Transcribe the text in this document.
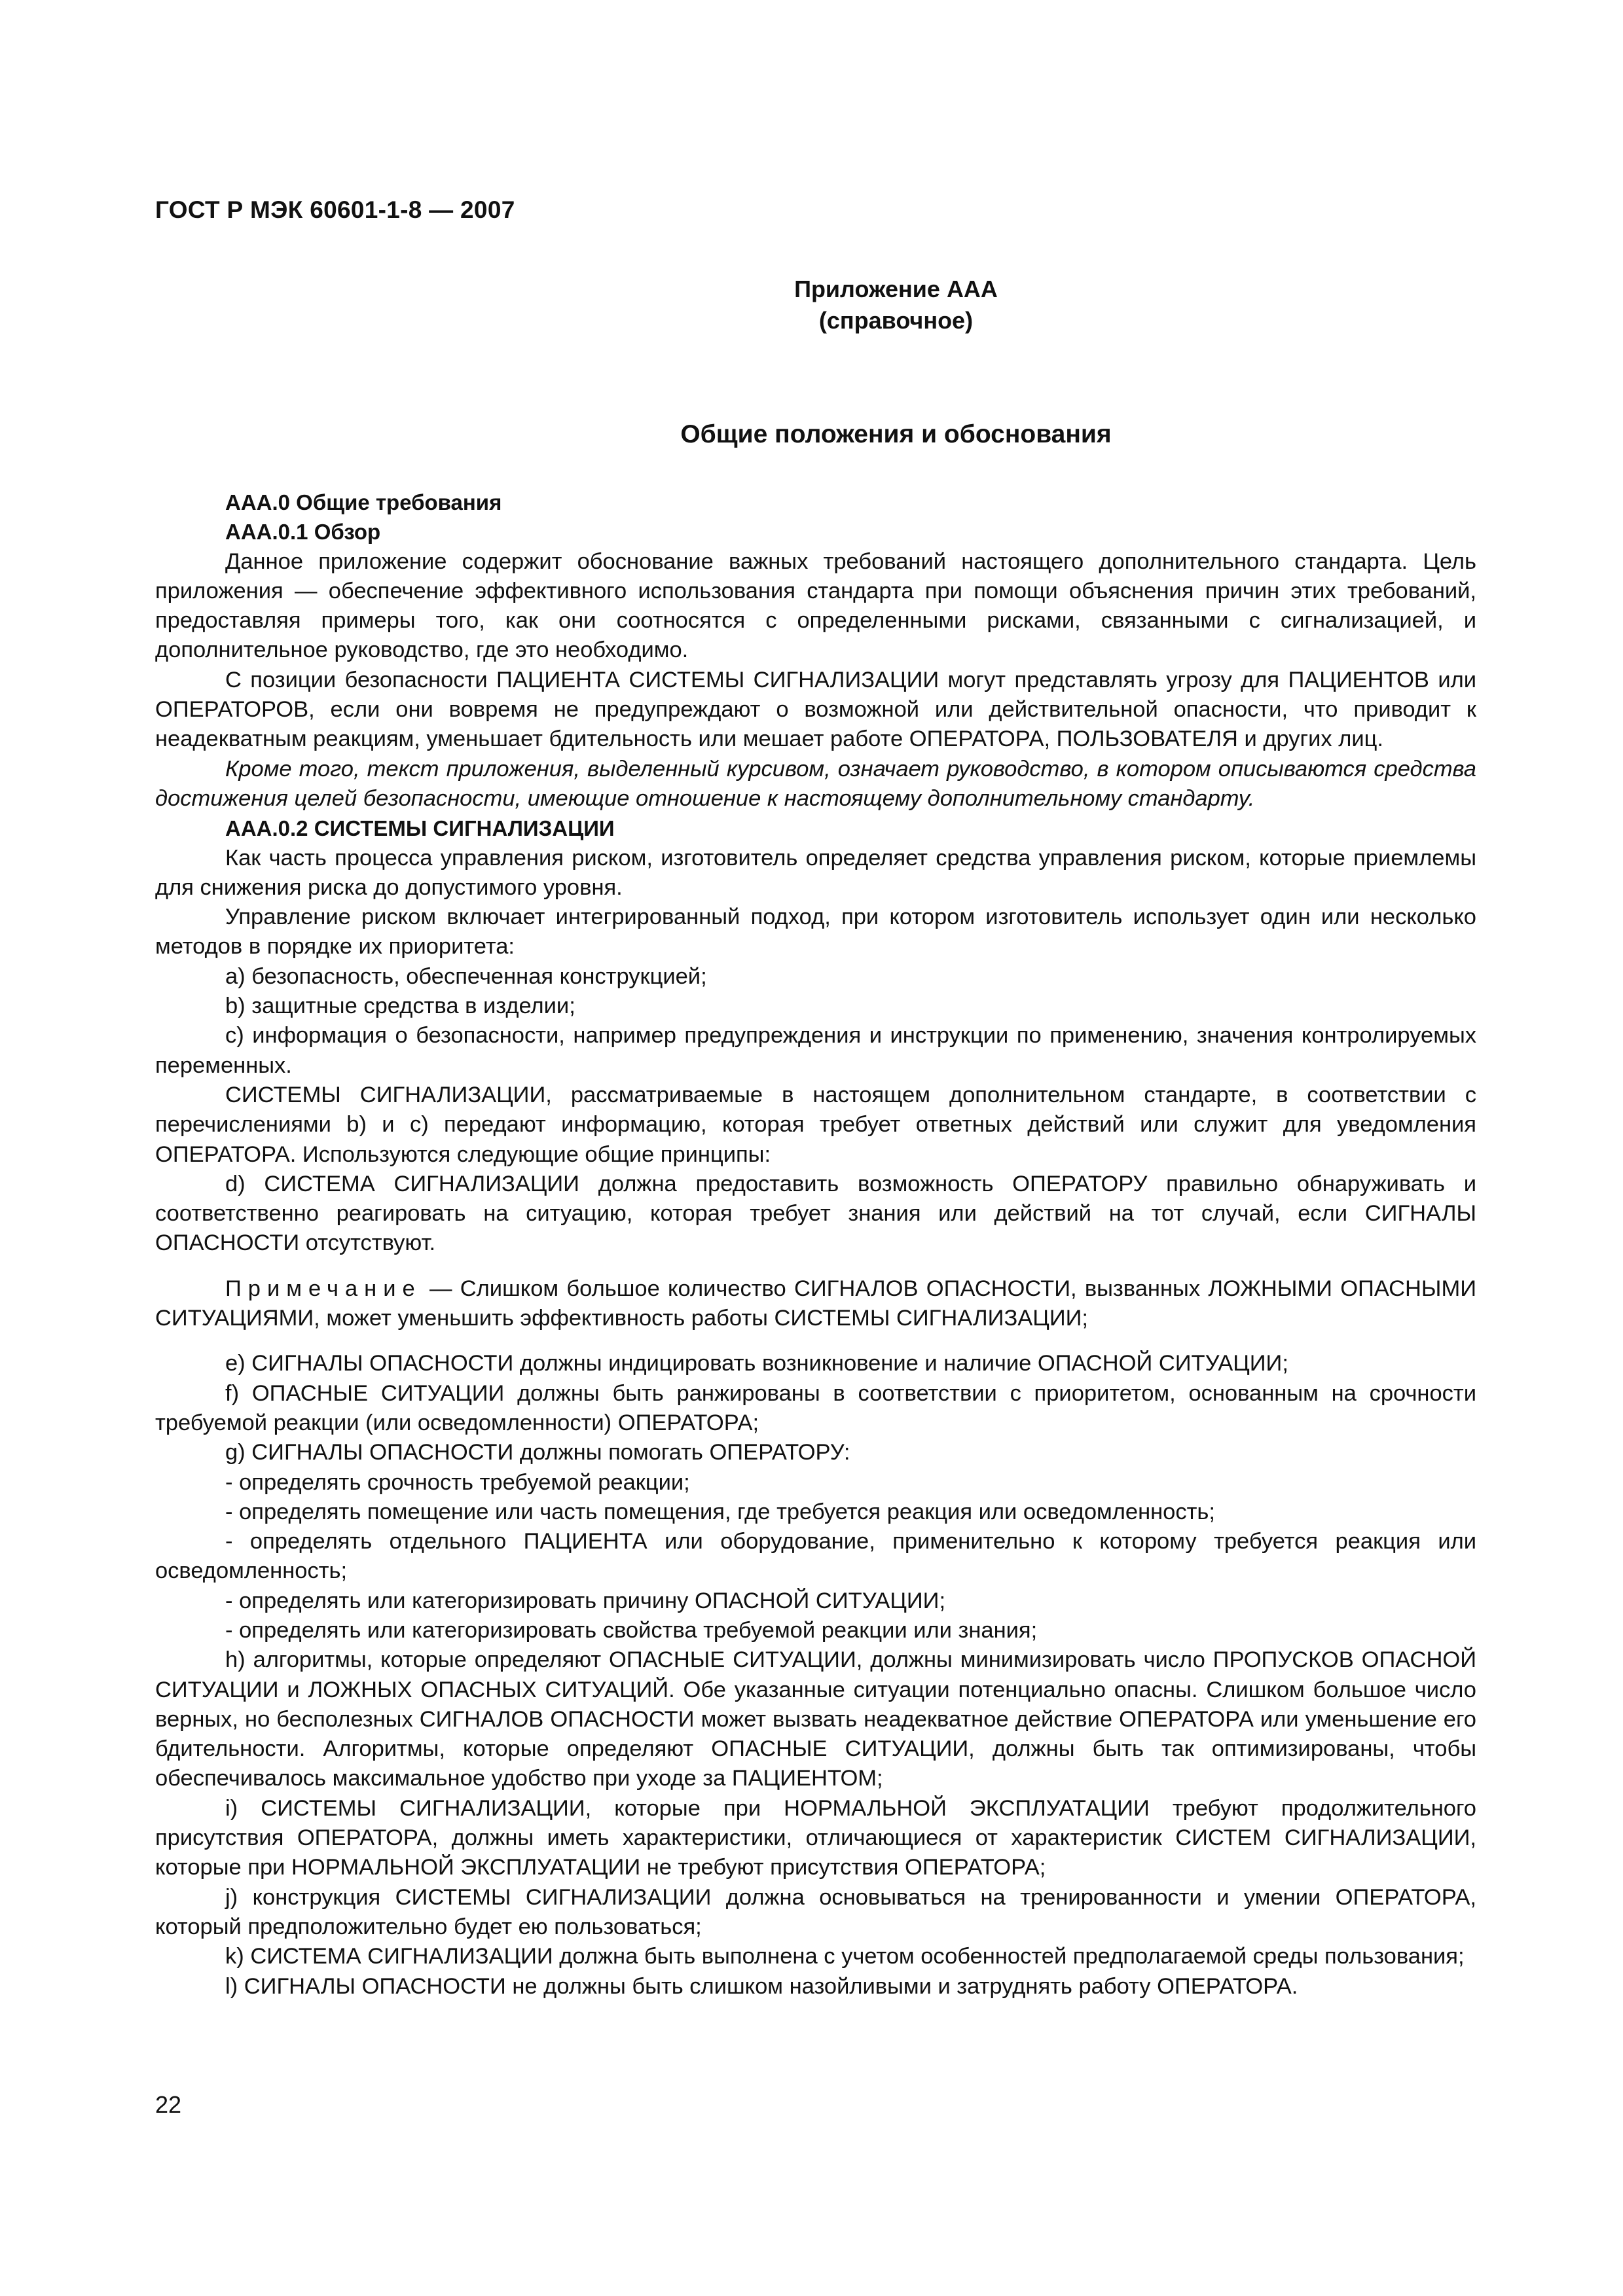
ГОСТ Р МЭК 60601-1-8 — 2007
Приложение ААА
(справочное)
Общие положения и обоснования

ААА.0 Общие требования

ААА.0.1 Обзор

Данное приложение содержит обоснование важных требований настоящего дополнительного стандарта. Цель приложения — обеспечение эффективного использования стандарта при помощи объяснения причин этих требований, предоставляя примеры того, как они соотносятся с определенными рисками, связанными с сигнализацией, и дополнительное руководство, где это необходимо.

С позиции безопасности ПАЦИЕНТА СИСТЕМЫ СИГНАЛИЗАЦИИ могут представлять угрозу для ПАЦИЕНТОВ или ОПЕРАТОРОВ, если они вовремя не предупреждают о возможной или действительной опасности, что приводит к неадекватным реакциям, уменьшает бдительность или мешает работе ОПЕРАТОРА, ПОЛЬЗОВАТЕЛЯ и других лиц.

Кроме того, текст приложения, выделенный курсивом, означает руководство, в котором описываются средства достижения целей безопасности, имеющие отношение к настоящему дополнительному стандарту.

ААА.0.2 СИСТЕМЫ СИГНАЛИЗАЦИИ

Как часть процесса управления риском, изготовитель определяет средства управления риском, которые приемлемы для снижения риска до допустимого уровня.

Управление риском включает интегрированный подход, при котором изготовитель использует один или несколько методов в порядке их приоритета:

a) безопасность, обеспеченная конструкцией;

b) защитные средства в изделии;

c) информация о безопасности, например предупреждения и инструкции по применению, значения контролируемых переменных.

СИСТЕМЫ СИГНАЛИЗАЦИИ, рассматриваемые в настоящем дополнительном стандарте, в соответствии с перечислениями b) и c) передают информацию, которая требует ответных действий или служит для уведомления ОПЕРАТОРА. Используются следующие общие принципы:

d) СИСТЕМА СИГНАЛИЗАЦИИ должна предоставить возможность ОПЕРАТОРУ правильно обнаруживать и соответственно реагировать на ситуацию, которая требует знания или действий на тот случай, если СИГНАЛЫ ОПАСНОСТИ отсутствуют.

Примечание — Слишком большое количество СИГНАЛОВ ОПАСНОСТИ, вызванных ЛОЖНЫМИ ОПАСНЫМИ СИТУАЦИЯМИ, может уменьшить эффективность работы СИСТЕМЫ СИГНАЛИЗАЦИИ;

e) СИГНАЛЫ ОПАСНОСТИ должны индицировать возникновение и наличие ОПАСНОЙ СИТУАЦИИ;

f) ОПАСНЫЕ СИТУАЦИИ должны быть ранжированы в соответствии с приоритетом, основанным на срочности требуемой реакции (или осведомленности) ОПЕРАТОРА;

g) СИГНАЛЫ ОПАСНОСТИ должны помогать ОПЕРАТОРУ:

- определять срочность требуемой реакции;

- определять помещение или часть помещения, где требуется реакция или осведомленность;

- определять отдельного ПАЦИЕНТА или оборудование, применительно к которому требуется реакция или осведомленность;

- определять или категоризировать причину ОПАСНОЙ СИТУАЦИИ;

- определять или категоризировать свойства требуемой реакции или знания;

h) алгоритмы, которые определяют ОПАСНЫЕ СИТУАЦИИ, должны минимизировать число ПРОПУСКОВ ОПАСНОЙ СИТУАЦИИ и ЛОЖНЫХ ОПАСНЫХ СИТУАЦИЙ. Обе указанные ситуации потенциально опасны. Слишком большое число верных, но бесполезных СИГНАЛОВ ОПАСНОСТИ может вызвать неадекватное действие ОПЕРАТОРА или уменьшение его бдительности. Алгоритмы, которые определяют ОПАСНЫЕ СИТУАЦИИ, должны быть так оптимизированы, чтобы обеспечивалось максимальное удобство при уходе за ПАЦИЕНТОМ;

i) СИСТЕМЫ СИГНАЛИЗАЦИИ, которые при НОРМАЛЬНОЙ ЭКСПЛУАТАЦИИ требуют продолжительного присутствия ОПЕРАТОРА, должны иметь характеристики, отличающиеся от характеристик СИСТЕМ СИГНАЛИЗАЦИИ, которые при НОРМАЛЬНОЙ ЭКСПЛУАТАЦИИ не требуют присутствия ОПЕРАТОРА;

j) конструкция СИСТЕМЫ СИГНАЛИЗАЦИИ должна основываться на тренированности и умении ОПЕРАТОРА, который предположительно будет ею пользоваться;

k) СИСТЕМА СИГНАЛИЗАЦИИ должна быть выполнена с учетом особенностей предполагаемой среды пользования;

l) СИГНАЛЫ ОПАСНОСТИ не должны быть слишком назойливыми и затруднять работу ОПЕРАТОРА.

22
